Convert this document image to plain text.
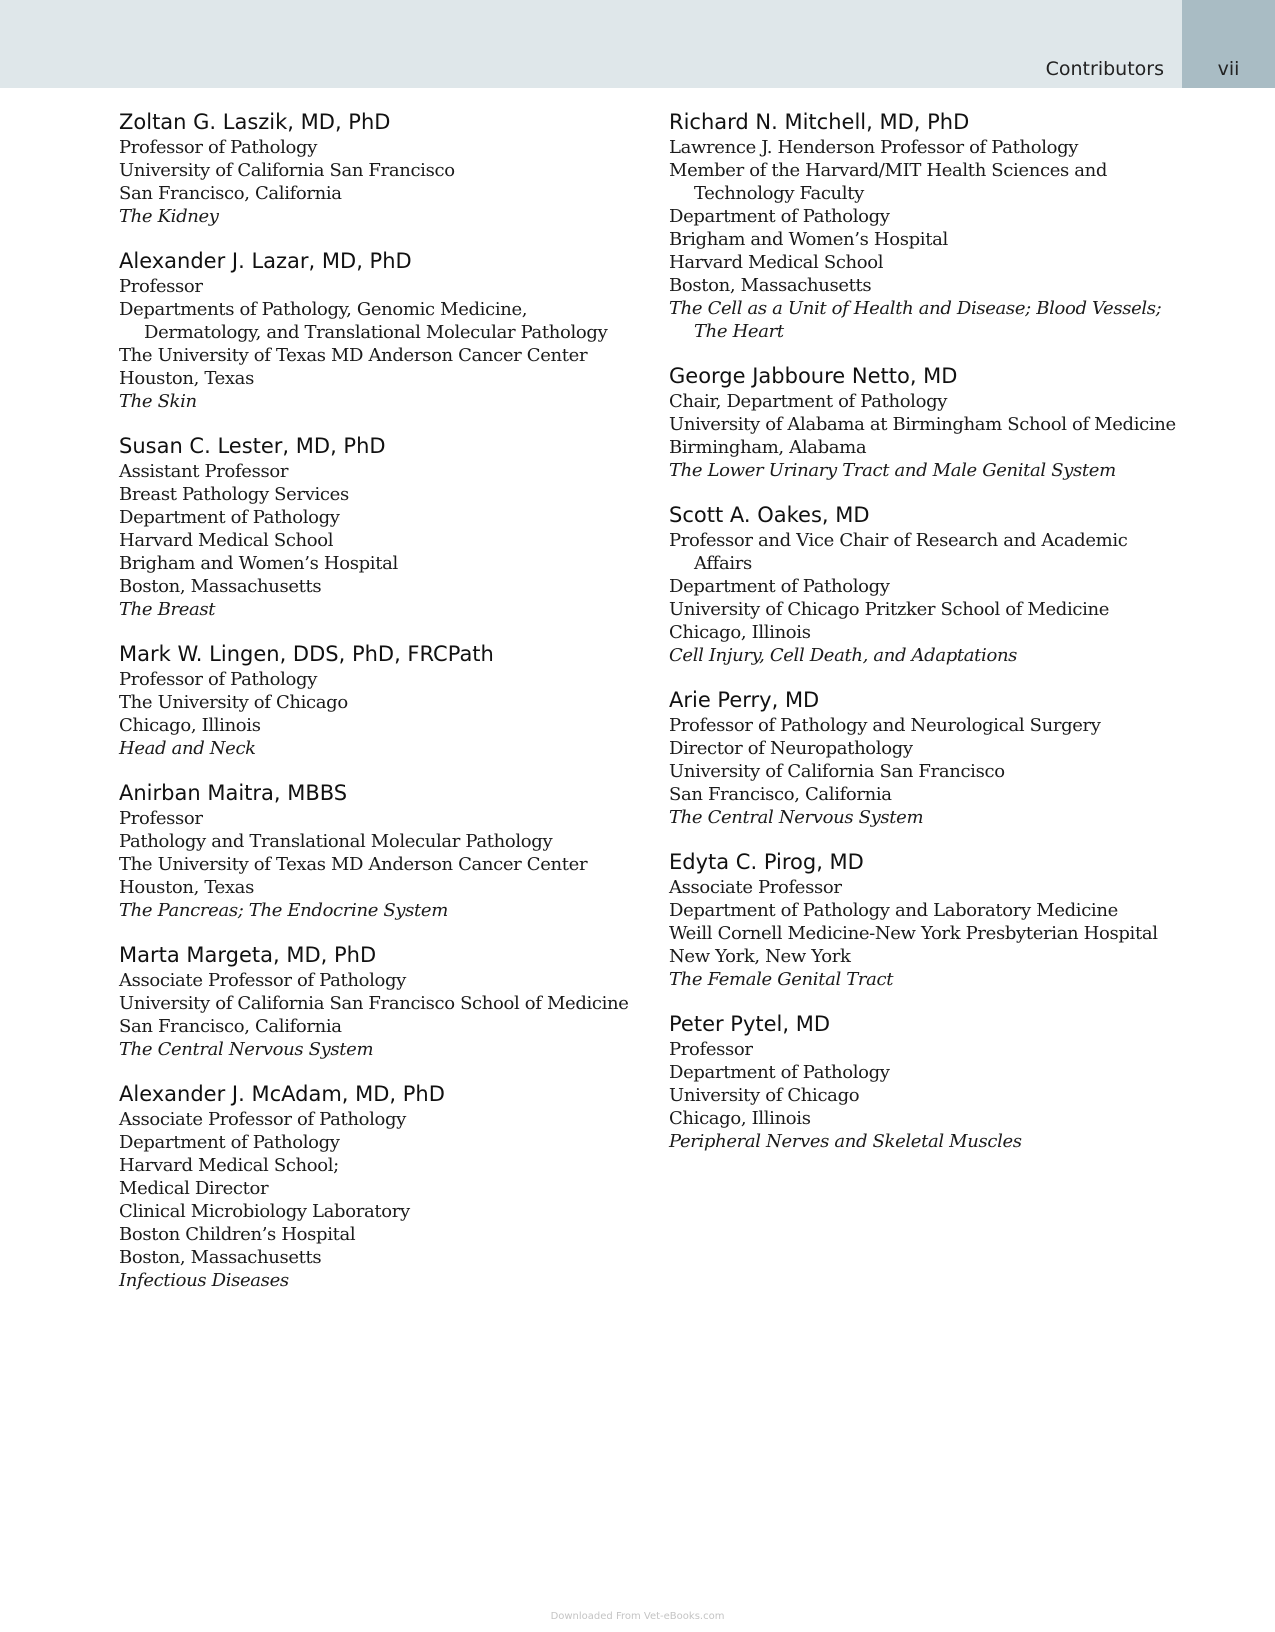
Contributors	vii
Zoltan G. Laszik, MD, PhD
Professor of Pathology
University of California San Francisco
San Francisco, California
The Kidney
Alexander J. Lazar, MD, PhD
Professor
Departments of Pathology, Genomic Medicine, Dermatology, and Translational Molecular Pathology
The University of Texas MD Anderson Cancer Center
Houston, Texas
The Skin
Susan C. Lester, MD, PhD
Assistant Professor
Breast Pathology Services
Department of Pathology
Harvard Medical School
Brigham and Women’s Hospital
Boston, Massachusetts
The Breast
Mark W. Lingen, DDS, PhD, FRCPath
Professor of Pathology
The University of Chicago
Chicago, Illinois
Head and Neck
Anirban Maitra, MBBS
Professor
Pathology and Translational Molecular Pathology
The University of Texas MD Anderson Cancer Center
Houston, Texas
The Pancreas; The Endocrine System
Marta Margeta, MD, PhD
Associate Professor of Pathology
University of California San Francisco School of Medicine
San Francisco, California
The Central Nervous System
Alexander J. McAdam, MD, PhD
Associate Professor of Pathology
Department of Pathology
Harvard Medical School;
Medical Director
Clinical Microbiology Laboratory
Boston Children’s Hospital
Boston, Massachusetts
Infectious Diseases
Richard N. Mitchell, MD, PhD
Lawrence J. Henderson Professor of Pathology
Member of the Harvard/MIT Health Sciences and Technology Faculty
Department of Pathology
Brigham and Women’s Hospital
Harvard Medical School
Boston, Massachusetts
The Cell as a Unit of Health and Disease; Blood Vessels; The Heart
George Jabboure Netto, MD
Chair, Department of Pathology
University of Alabama at Birmingham School of Medicine
Birmingham, Alabama
The Lower Urinary Tract and Male Genital System
Scott A. Oakes, MD
Professor and Vice Chair of Research and Academic Affairs
Department of Pathology
University of Chicago Pritzker School of Medicine
Chicago, Illinois
Cell Injury, Cell Death, and Adaptations
Arie Perry, MD
Professor of Pathology and Neurological Surgery
Director of Neuropathology
University of California San Francisco
San Francisco, California
The Central Nervous System
Edyta C. Pirog, MD
Associate Professor
Department of Pathology and Laboratory Medicine
Weill Cornell Medicine-New York Presbyterian Hospital
New York, New York
The Female Genital Tract
Peter Pytel, MD
Professor
Department of Pathology
University of Chicago
Chicago, Illinois
Peripheral Nerves and Skeletal Muscles
Downloaded From Vet-eBooks.com
